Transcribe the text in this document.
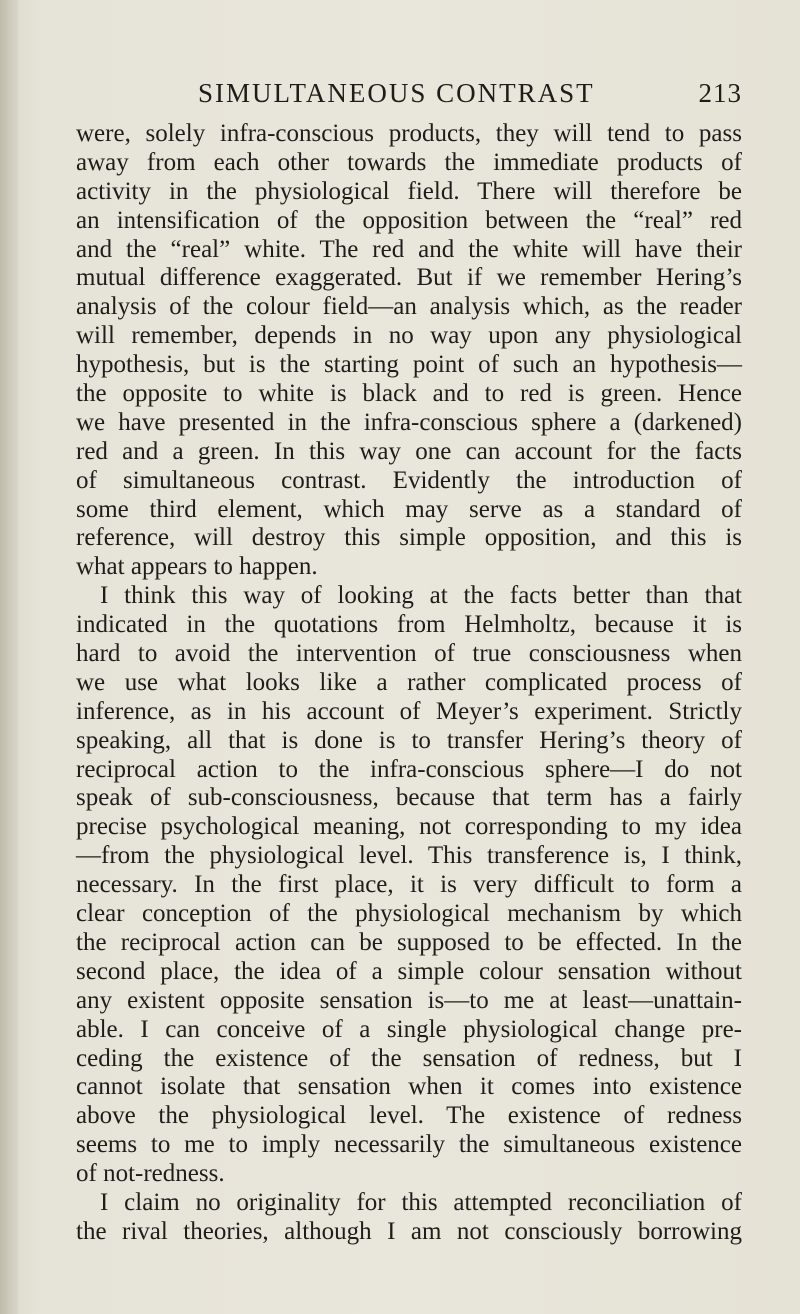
SIMULTANEOUS CONTRAST	213
were, solely infra-conscious products, they will tend to pass
away from each other towards the immediate products of
activity in the physiological field. There will therefore be
an intensification of the opposition between the “real” red
and the “real” white. The red and the white will have their
mutual difference exaggerated. But if we remember Hering’s
analysis of the colour field—an analysis which, as the reader
will remember, depends in no way upon any physiological
hypothesis, but is the starting point of such an hypothesis—
the opposite to white is black and to red is green. Hence
we have presented in the infra-conscious sphere a (darkened)
red and a green. In this way one can account for the facts
of simultaneous contrast. Evidently the introduction of
some third element, which may serve as a standard of
reference, will destroy this simple opposition, and this is
what appears to happen.
I think this way of looking at the facts better than that
indicated in the quotations from Helmholtz, because it is
hard to avoid the intervention of true consciousness when
we use what looks like a rather complicated process of
inference, as in his account of Meyer’s experiment. Strictly
speaking, all that is done is to transfer Hering’s theory of
reciprocal action to the infra-conscious sphere—I do not
speak of sub-consciousness, because that term has a fairly
precise psychological meaning, not corresponding to my idea
—from the physiological level. This transference is, I think,
necessary. In the first place, it is very difficult to form a
clear conception of the physiological mechanism by which
the reciprocal action can be supposed to be effected. In the
second place, the idea of a simple colour sensation without
any existent opposite sensation is—to me at least—unattain-
able. I can conceive of a single physiological change pre-
ceding the existence of the sensation of redness, but I
cannot isolate that sensation when it comes into existence
above the physiological level. The existence of redness
seems to me to imply necessarily the simultaneous existence
of not-redness.
I claim no originality for this attempted reconciliation of
the rival theories, although I am not consciously borrowing
